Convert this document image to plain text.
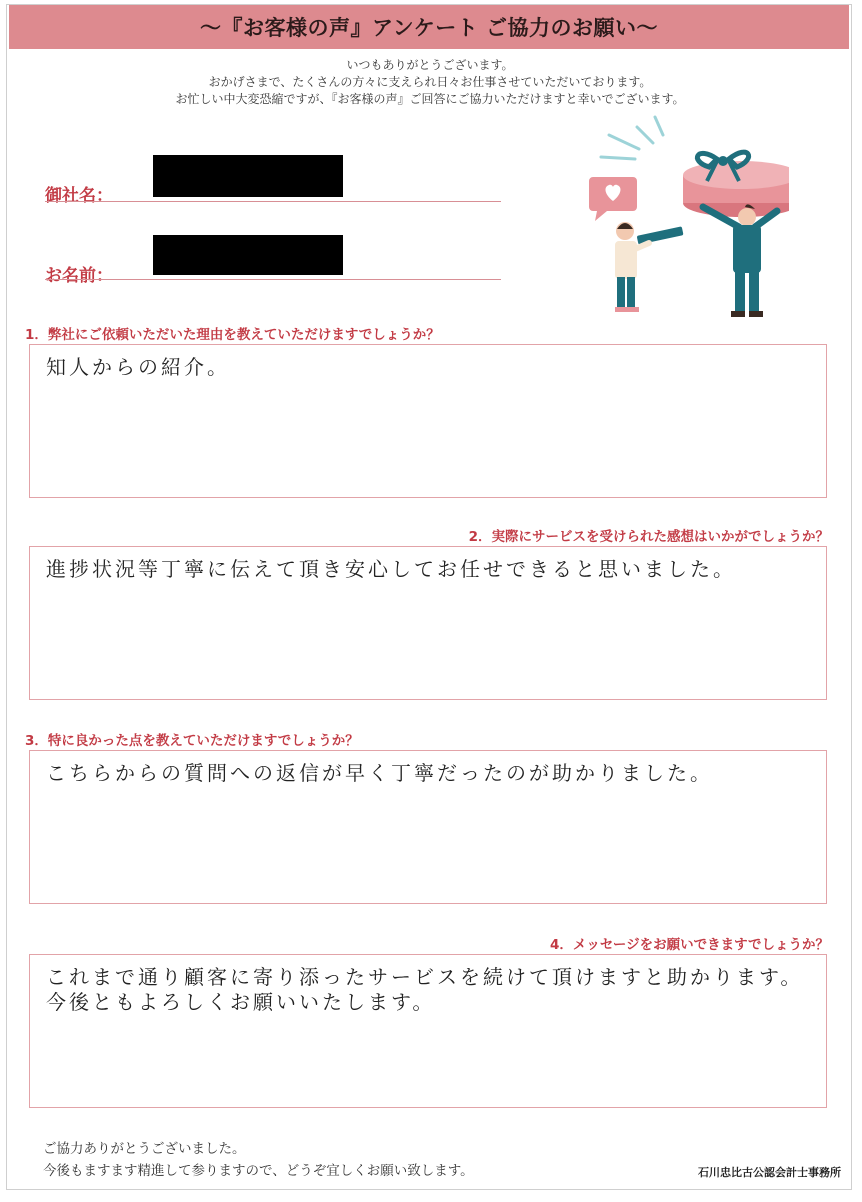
～『お客様の声』アンケート ご協力のお願い～
いつもありがとうございます。
おかげさまで、たくさんの方々に支えられ日々お仕事させていただいております。
お忙しい中大変恐縮ですが、『お客様の声』ご回答にご協力いただけますと幸いでございます。
御社名：
お名前：
1．弊社にご依頼いただいた理由を教えていただけますでしょうか？
知人からの紹介。
2．実際にサービスを受けられた感想はいかがでしょうか？
進捗状況等丁寧に伝えて頂き安心してお任せできると思いました。
3．特に良かった点を教えていただけますでしょうか？
こちらからの質問への返信が早く丁寧だったのが助かりました。
4．メッセージをお願いできますでしょうか？
これまで通り顧客に寄り添ったサービスを続けて頂けますと助かります。
今後ともよろしくお願いいたします。
ご協力ありがとうございました。
今後もますます精進して参りますので、どうぞ宜しくお願い致します。	石川忠比古公認会計士事務所
